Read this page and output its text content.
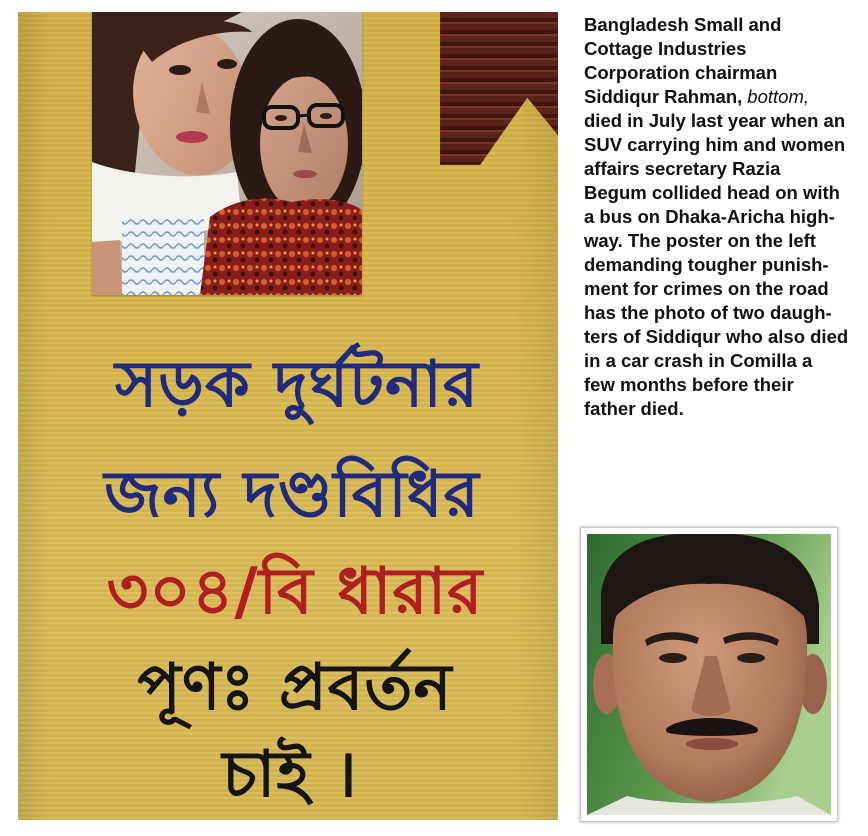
সড়ক দুর্ঘটনার
জন্য দণ্ডবিধির
৩০৪/বি ধারার
পূণঃ প্রবর্তন
চাই ।
Bangladesh Small and
Cottage Industries
Corporation chairman
Siddiqur Rahman, bottom,
died in July last year when an
SUV carrying him and women
affairs secretary Razia
Begum collided head on with
a bus on Dhaka-Aricha high-
way. The poster on the left
demanding tougher punish-
ment for crimes on the road
has the photo of two daugh-
ters of Siddiqur who also died
in a car crash in Comilla a
few months before their
father died.
